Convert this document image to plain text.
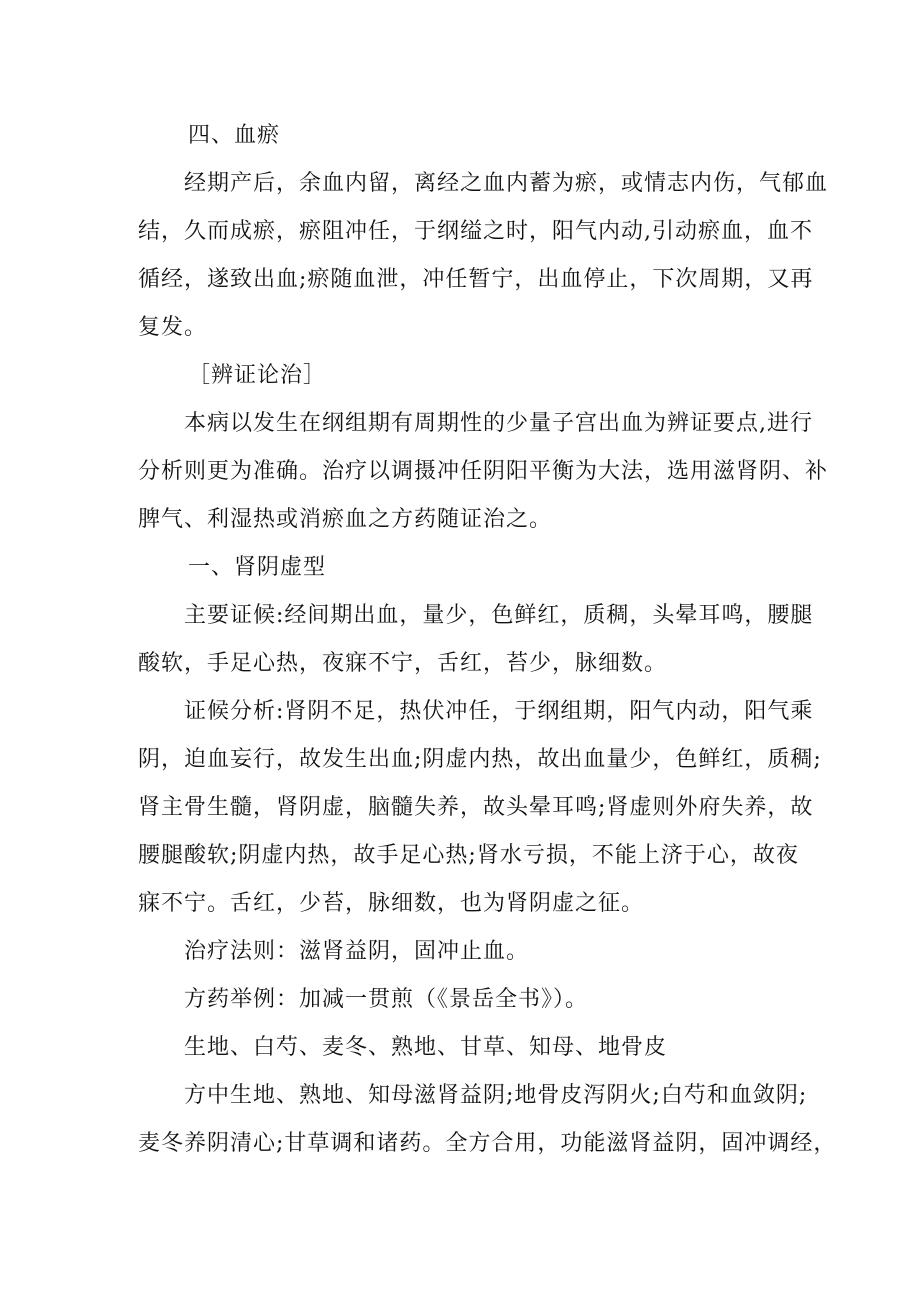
四、血瘀

经期产后，余血内留，离经之血内蓄为瘀，或情志内伤，气郁血

结，久而成瘀，瘀阻冲任，于纲缢之时，阳气内动,引动瘀血，血不

循经，遂致出血;瘀随血泄，冲任暂宁，出血停止，下次周期，又再

复发。

［辨证论治］

本病以发生在纲组期有周期性的少量子宫出血为辨证要点,进行

分析则更为准确。治疗以调摄冲任阴阳平衡为大法，选用滋肾阴、补

脾气、利湿热或消瘀血之方药随证治之。

一、肾阴虚型

主要证候:经间期出血，量少，色鲜红，质稠，头晕耳鸣，腰腿

酸软，手足心热，夜寐不宁，舌红，苔少，脉细数。

证候分析:肾阴不足，热伏冲任，于纲组期，阳气内动，阳气乘

阴，迫血妄行，故发生出血;阴虚内热，故出血量少，色鲜红，质稠;

肾主骨生髓，肾阴虚，脑髓失养，故头晕耳鸣;肾虚则外府失养，故

腰腿酸软;阴虚内热，故手足心热;肾水亏损，不能上济于心，故夜

寐不宁。舌红，少苔，脉细数，也为肾阴虚之征。

治疗法则：滋肾益阴，固冲止血。

方药举例：加减一贯煎（《景岳全书》）。

生地、白芍、麦冬、熟地、甘草、知母、地骨皮

方中生地、熟地、知母滋肾益阴;地骨皮泻阴火;白芍和血敛阴;

麦冬养阴清心;甘草调和诸药。全方合用，功能滋肾益阴，固冲调经，
